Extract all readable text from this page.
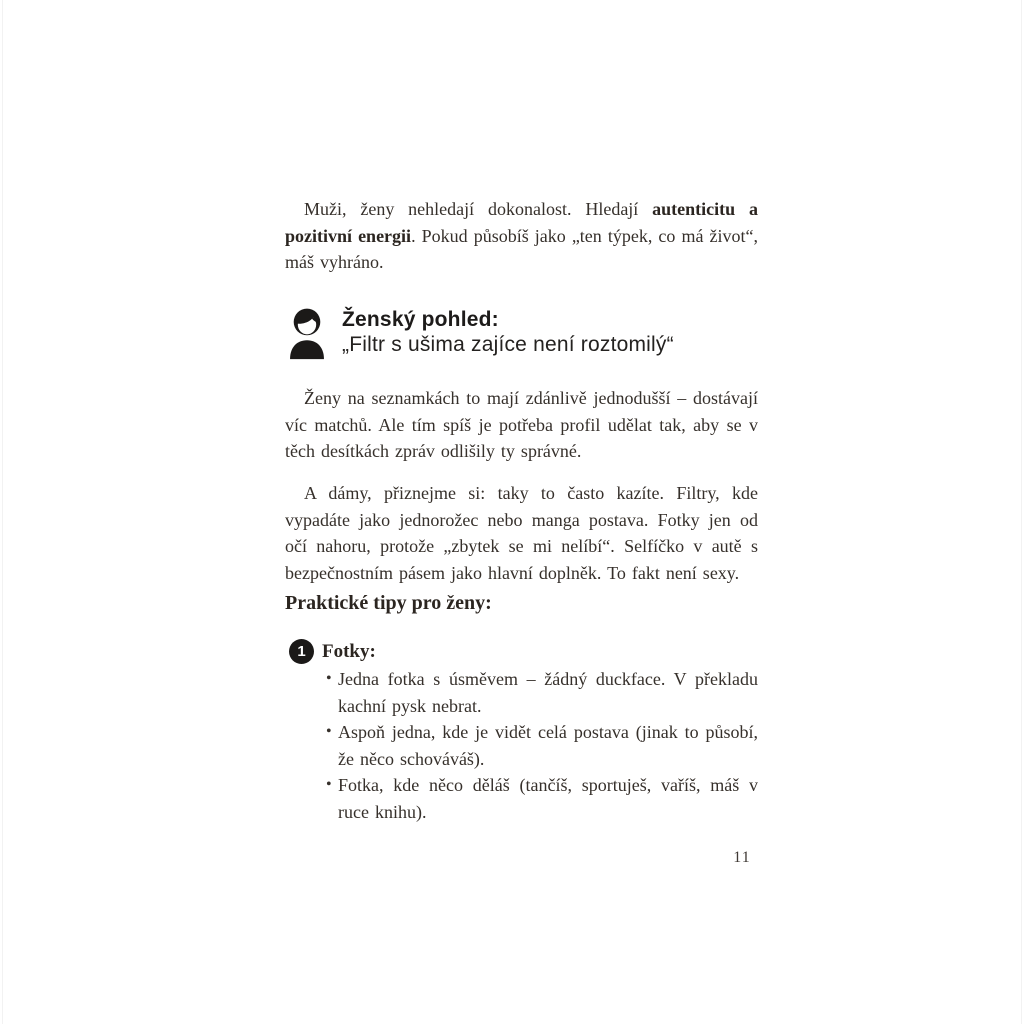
Muži, ženy nehledají dokonalost. Hledají autenticitu a pozitivní energii. Pokud působíš jako „ten týpek, co má život“, máš vyhráno.

Ženský pohled:
„Filtr s ušima zajíce není roztomilý“

Ženy na seznamkách to mají zdánlivě jednodušší – dostávají víc matchů. Ale tím spíš je potřeba profil udělat tak, aby se v těch desítkách zpráv odlišily ty správné.

A dámy, přiznejme si: taky to často kazíte. Filtry, kde vypadáte jako jednorožec nebo manga postava. Fotky jen od očí nahoru, protože „zbytek se mi nelíbí“. Selfíčko v autě s bezpečnostním pásem jako hlavní doplněk. To fakt není sexy.

Praktické tipy pro ženy:
1 Fotky:
• Jedna fotka s úsměvem – žádný duckface. V překladu kachní pysk nebrat.
• Aspoň jedna, kde je vidět celá postava (jinak to působí, že něco schováváš).
• Fotka, kde něco děláš (tančíš, sportuješ, vaříš, máš v ruce knihu).
11
